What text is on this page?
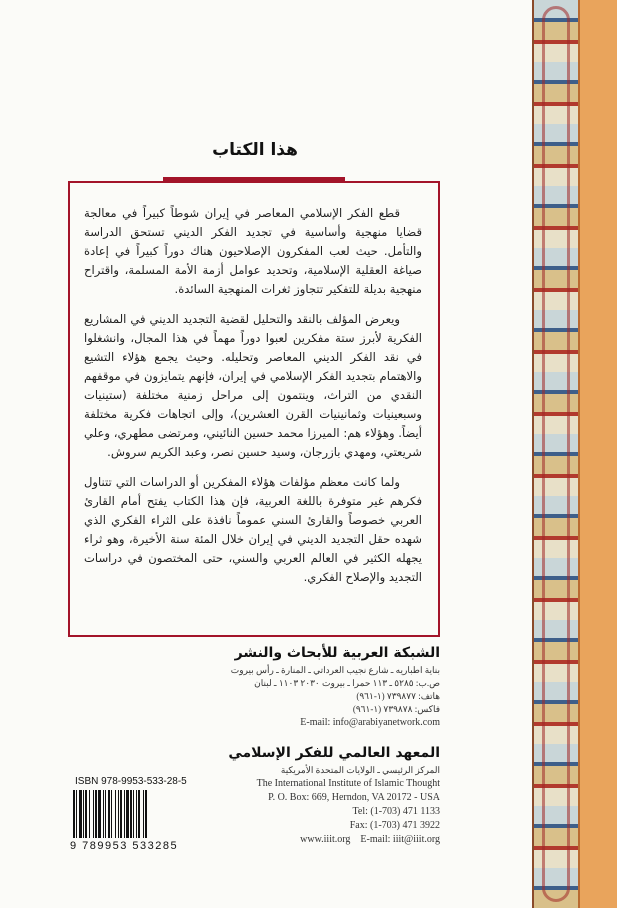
هذا الكتاب

قطع الفكر الإسلامي المعاصر في إيران شوطاً كبيراً في معالجة قضايا منهجية وأساسية في تجديد الفكر الديني تستحق الدراسة والتأمل. حيث لعب المفكرون الإصلاحيون هناك دوراً كبيراً في إعادة صياغة العقلية الإسلامية، وتحديد عوامل أزمة الأمة المسلمة، واقتراح منهجية بديلة للتفكير تتجاوز ثغرات المنهجية السائدة.

ويعرض المؤلف بالنقد والتحليل لقضية التجديد الديني في المشاريع الفكرية لأبرز ستة مفكرين لعبوا دوراً مهماً في هذا المجال، وانشغلوا في نقد الفكر الديني المعاصر وتحليله. وحيث يجمع هؤلاء التشيع والاهتمام بتجديد الفكر الإسلامي في إيران، فإنهم يتمايزون في موقفهم النقدي من التراث، وينتمون إلى مراحل زمنية مختلفة (ستينيات وسبعينيات وثمانينيات القرن العشرين)، وإلى اتجاهات فكرية مختلفة أيضاً. وهؤلاء هم: الميرزا محمد حسين النائيني، ومرتضى مطهري، وعلي شريعتي، ومهدي بازرجان، وسيد حسين نصر، وعبد الكريم سروش.

ولما كانت معظم مؤلفات هؤلاء المفكرين أو الدراسات التي تتناول فكرهم غير متوفرة باللغة العربية، فإن هذا الكتاب يفتح أمام القارئ العربي خصوصاً والقارئ السني عموماً نافذة على الثراء الفكري الذي شهده حقل التجديد الديني في إيران خلال المئة سنة الأخيرة، وهو ثراء يجهله الكثير في العالم العربي والسني، حتى المختصون في دراسات التجديد والإصلاح الفكري.

الشبكة العربية للأبحاث والنشر
بناية اطباريه ـ شارع نجيب العرداتي ـ المنارة ـ رأس بيروت
ص.ب: ٥٢٨٥ ـ ١١٣ حمرا ـ بيروت ٢٠٣٠ ١١٠٣ ـ لبنان
هاتف: ٧٣٩٨٧٧ (١-٩٦١)
فاكس: ٧٣٩٨٧٨ (١-٩٦١)
E-mail: info@arabiyanetwork.com
المعهد العالمي للفكر الإسلامي
المركز الرئيسي ـ الولايات المتحدة الأمريكية
The International Institute of Islamic Thought
P. O. Box: 669, Herndon, VA 20172 - USA
Tel: (1-703) 471 1133
Fax: (1-703) 471 3922
www.iiit.org    E-mail: iiit@iiit.org
ISBN 978-9953-533-28-5
9 789953 533285
